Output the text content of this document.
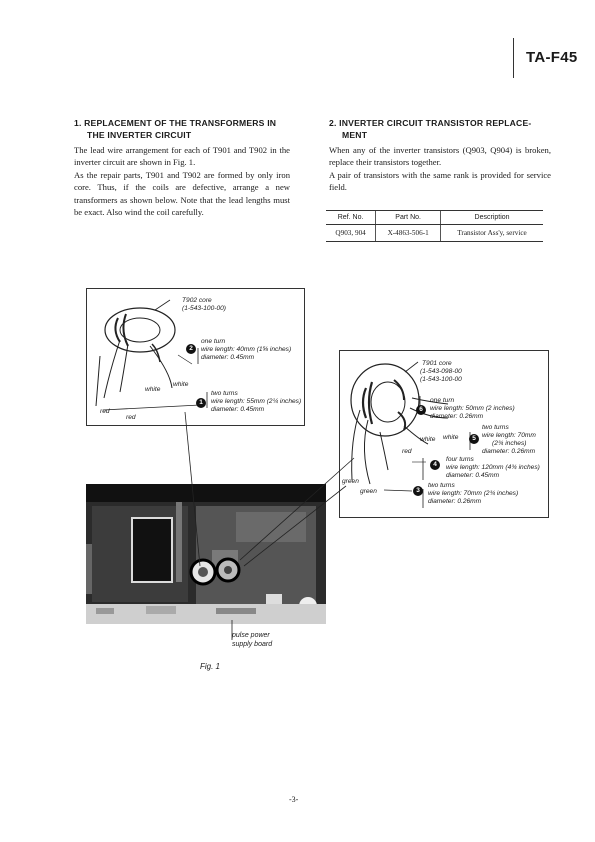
TA-F45
1. REPLACEMENT OF THE TRANSFORMERS IN
THE INVERTER CIRCUIT

The lead wire arrangement for each of T901 and T902 in the inverter circuit are shown in Fig. 1.

As the repair parts, T901 and T902 are formed by only iron core. Thus, if the coils are defective, arrange a new transformers as shown below. Note that the lead lengths must be exact. Also wind the coil carefully.

2. INVERTER CIRCUIT TRANSISTOR REPLACE-
MENT

When any of the inverter transistors (Q903, Q904) is broken, replace their transistors together.

A pair of transistors with the same rank is provided for service field.

Ref. No.	Part No.	Description
Q903, 904	X-4863-506-1	Transistor Ass'y, service
T902 core
(1-543-100-00)
2
one turn
wire length: 40mm (1⅝ inches)
diameter: 0.45mm
white
white
1
two turns
wire length: 55mm (2¼ inches)
diameter: 0.45mm
red
red
T901 core
(1-543-098-00
(1-543-100-00
6
one turn
wire length: 50mm (2 inches)
diameter: 0.26mm
white white	5
two turns
wire length: 70mm
(2¾ inches)
diameter: 0.26mm
red
4
four turns
wire length: 120mm (4¾ inches)
diameter: 0.45mm
green
green	3
two turns
wire length: 70mm (2¾ inches)
diameter: 0.26mm
pulse power
supply board
Fig. 1
-3-
